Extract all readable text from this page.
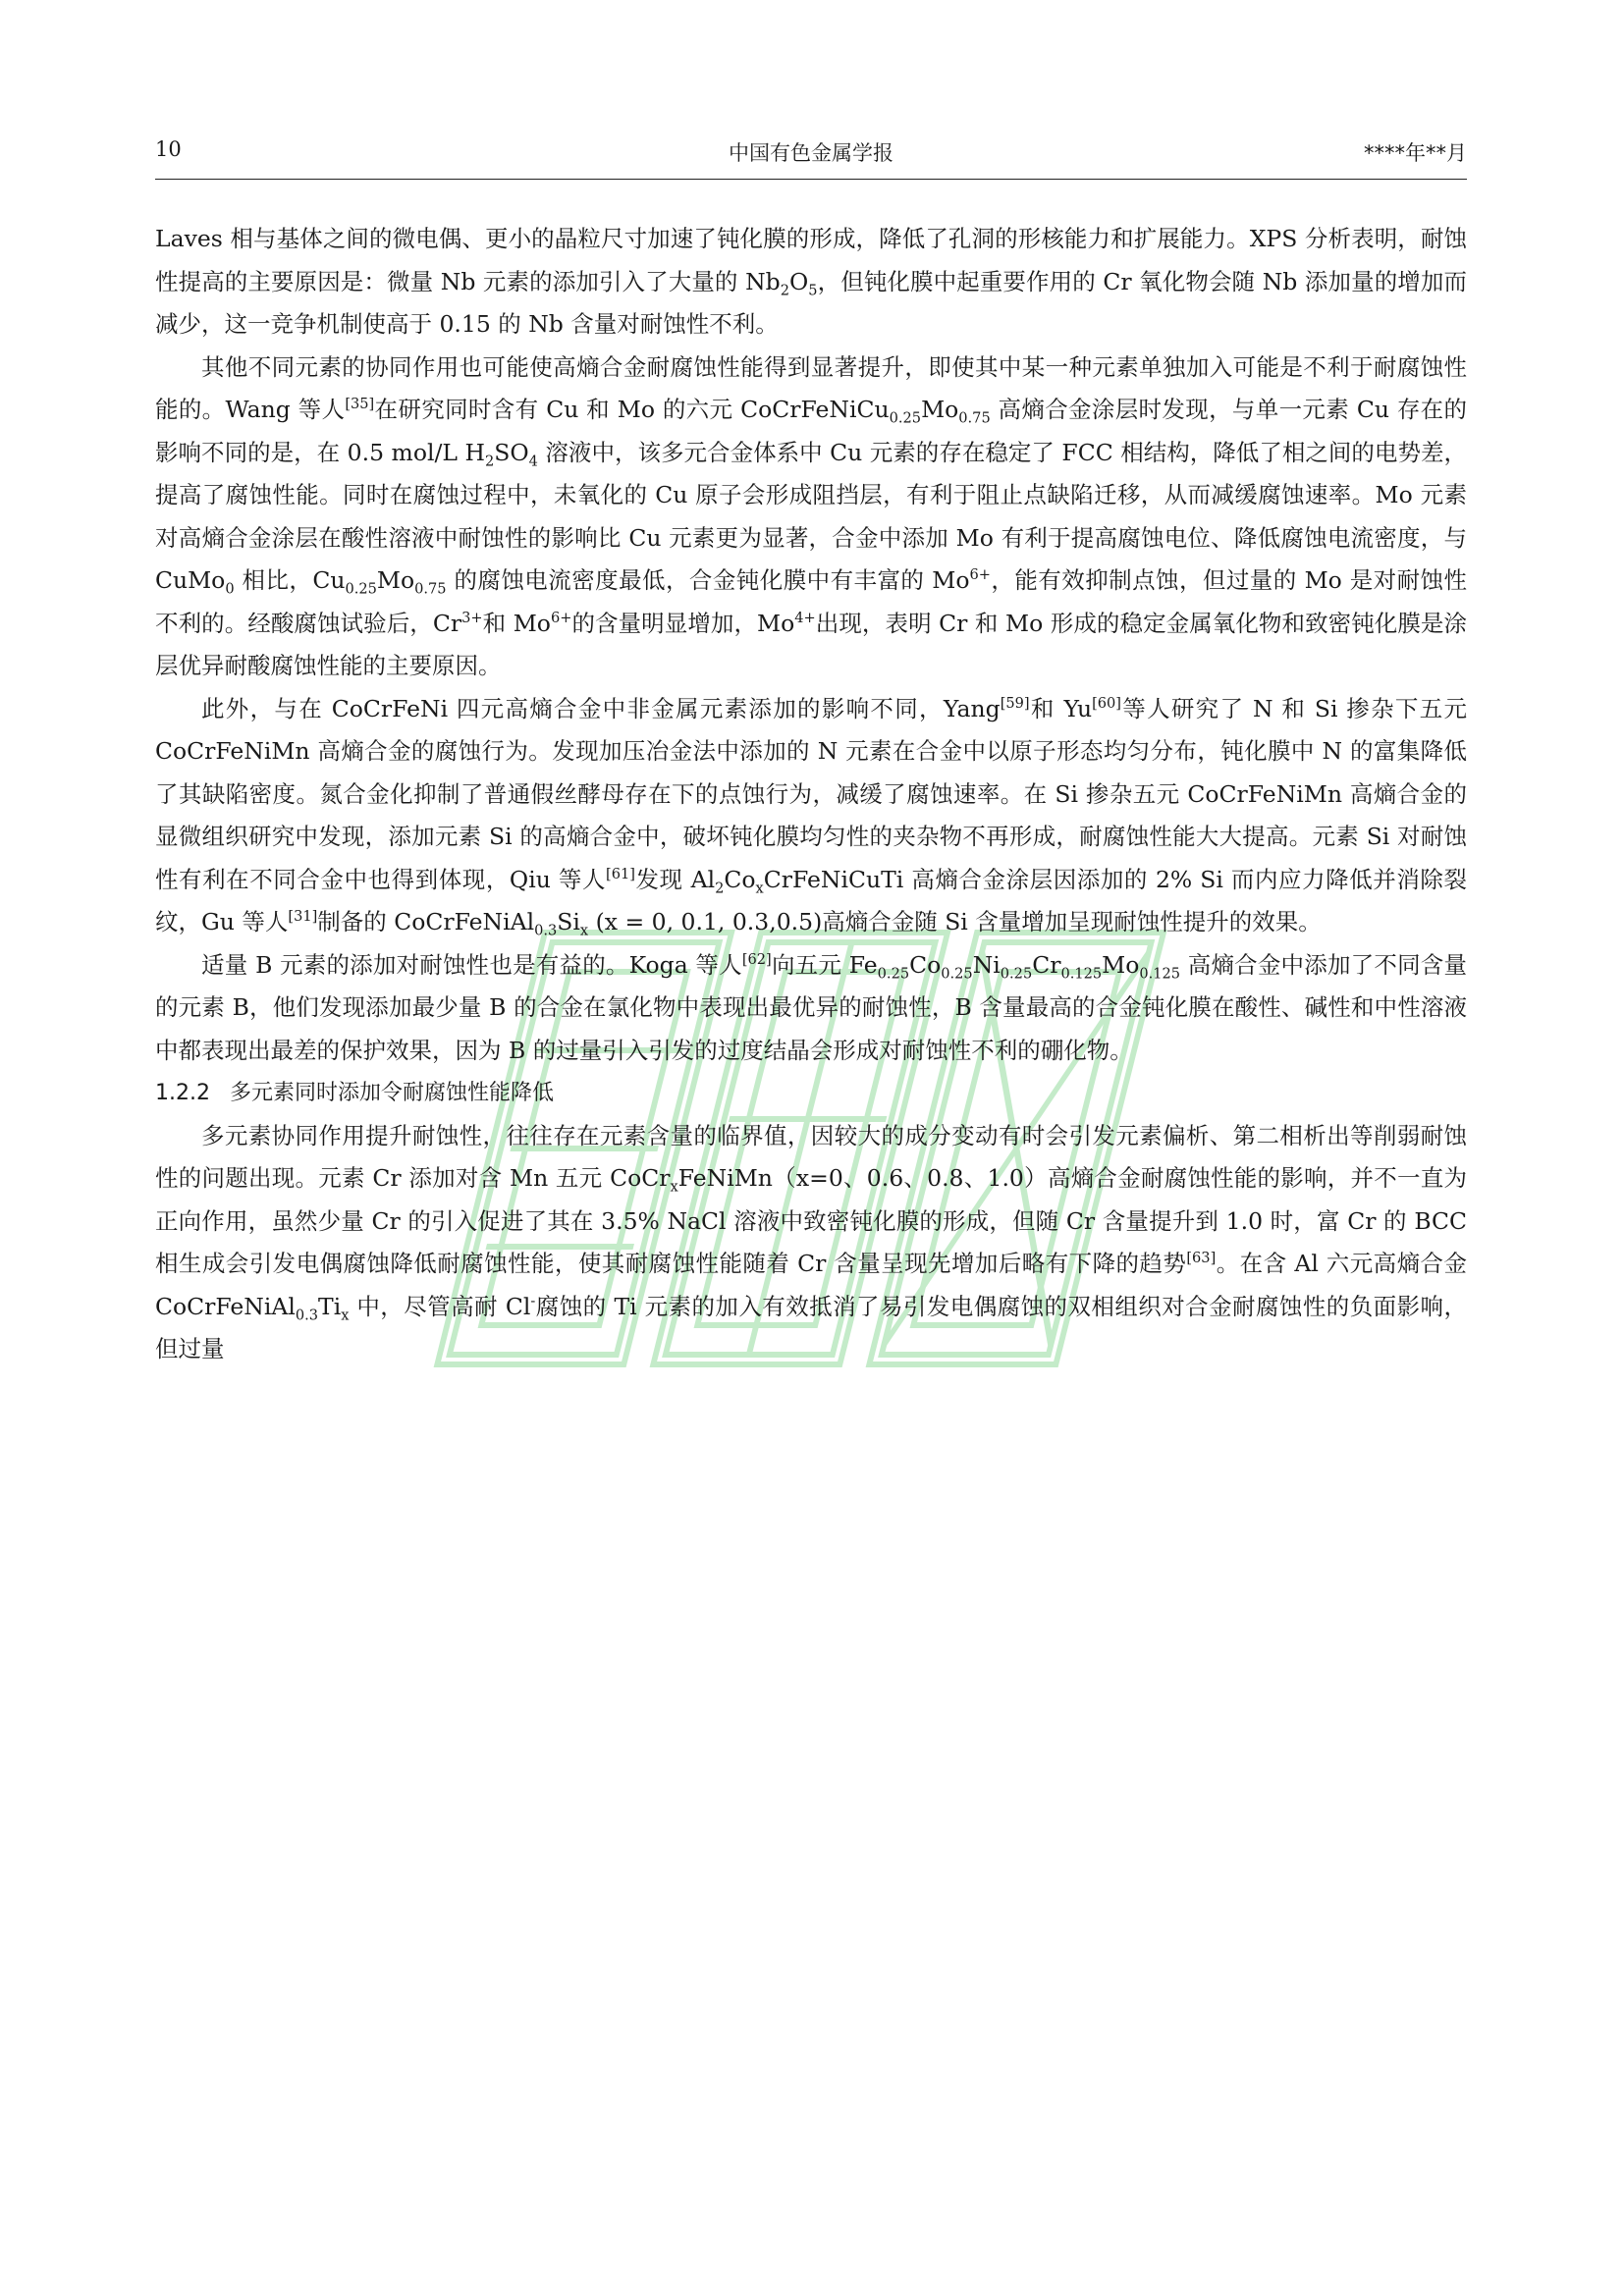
10	中国有色金属学报	****年**月

Laves 相与基体之间的微电偶、更小的晶粒尺寸加速了钝化膜的形成，降低了孔洞的形核能力和扩展能力。XPS 分析表明，耐蚀性提高的主要原因是：微量 Nb 元素的添加引入了大量的 $Nb_2O_5$，但钝化膜中起重要作用的 Cr 氧化物会随 Nb 添加量的增加而减少，这一竞争机制使高于 0.15 的 Nb 含量对耐蚀性不利。

其他不同元素的协同作用也可能使高熵合金耐腐蚀性能得到显著提升，即使其中某一种元素单独加入可能是不利于耐腐蚀性能的。Wang 等人[35]在研究同时含有 Cu 和 Mo 的六元 $CoCrFeNiCu_{0.25}Mo_{0.75}$ 高熵合金涂层时发现，与单一元素 Cu 存在的影响不同的是，在 0.5 mol/L $H_2SO_4$ 溶液中，该多元合金体系中 Cu 元素的存在稳定了 FCC 相结构，降低了相之间的电势差，提高了腐蚀性能。同时在腐蚀过程中，未氧化的 Cu 原子会形成阻挡层，有利于阻止点缺陷迁移，从而减缓腐蚀速率。Mo 元素对高熵合金涂层在酸性溶液中耐蚀性的影响比 Cu 元素更为显著，合金中添加 Mo 有利于提高腐蚀电位、降低腐蚀电流密度，与 CuMo$_0$ 相比，$Cu_{0.25}Mo_{0.75}$ 的腐蚀电流密度最低，合金钝化膜中有丰富的 $Mo^{6+}$，能有效抑制点蚀，但过量的 Mo 是对耐蚀性不利的。经酸腐蚀试验后，$Cr^{3+}$和 $Mo^{6+}$的含量明显增加，$Mo^{4+}$出现，表明 Cr 和 Mo 形成的稳定金属氧化物和致密钝化膜是涂层优异耐酸腐蚀性能的主要原因。

此外，与在 CoCrFeNi 四元高熵合金中非金属元素添加的影响不同，Yang[59]和 Yu[60]等人研究了 N 和 Si 掺杂下五元 CoCrFeNiMn 高熵合金的腐蚀行为。发现加压冶金法中添加的 N 元素在合金中以原子形态均匀分布，钝化膜中 N 的富集降低了其缺陷密度。氮合金化抑制了普通假丝酵母存在下的点蚀行为，减缓了腐蚀速率。在 Si 掺杂五元 CoCrFeNiMn 高熵合金的显微组织研究中发现，添加元素 Si 的高熵合金中，破坏钝化膜均匀性的夹杂物不再形成，耐腐蚀性能大大提高。元素 Si 对耐蚀性有利在不同合金中也得到体现，Qiu 等人[61]发现 $Al_2Co_xCrFeNiCuTi$ 高熵合金涂层因添加的 2% Si 而内应力降低并消除裂纹，Gu 等人[31]制备的 $CoCrFeNiAl_{0.3}Si_x$ (x = 0, 0.1, 0.3,0.5)高熵合金随 Si 含量增加呈现耐蚀性提升的效果。

适量 B 元素的添加对耐蚀性也是有益的。Koga 等人[62]向五元 $Fe_{0.25}Co_{0.25}Ni_{0.25}Cr_{0.125}Mo_{0.125}$ 高熵合金中添加了不同含量的元素 B，他们发现添加最少量 B 的合金在氯化物中表现出最优异的耐蚀性，B 含量最高的合金钝化膜在酸性、碱性和中性溶液中都表现出最差的保护效果，因为 B 的过量引入引发的过度结晶会形成对耐蚀性不利的硼化物。

1.2.2 多元素同时添加令耐腐蚀性能降低

多元素协同作用提升耐蚀性，往往存在元素含量的临界值，因较大的成分变动有时会引发元素偏析、第二相析出等削弱耐蚀性的问题出现。元素 Cr 添加对含 Mn 五元 CoCr$_x$FeNiMn（x=0、0.6、0.8、1.0）高熵合金耐腐蚀性能的影响，并不一直为正向作用，虽然少量 Cr 的引入促进了其在 3.5% NaCl 溶液中致密钝化膜的形成，但随 Cr 含量提升到 1.0 时，富 Cr 的 BCC 相生成会引发电偶腐蚀降低耐腐蚀性能，使其耐腐蚀性能随着 Cr 含量呈现先增加后略有下降的趋势[63]。在含 Al 六元高熵合金 $CoCrFeNiAl_{0.3}Ti_x$ 中，尽管高耐 Cl-腐蚀的 Ti 元素的加入有效抵消了易引发电偶腐蚀的双相组织对合金耐腐蚀性的负面影响，但过量
